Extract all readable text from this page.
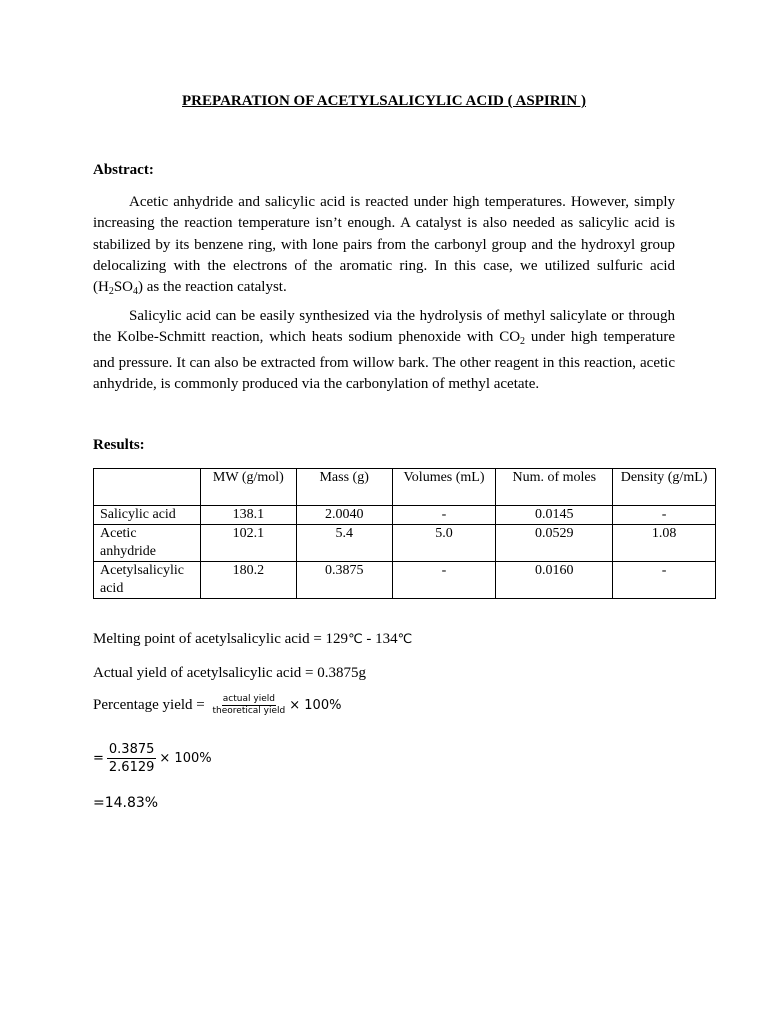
PREPARATION OF ACETYLSALICYLIC ACID ( ASPIRIN )
Abstract:

Acetic anhydride and salicylic acid is reacted under high temperatures. However, simply increasing the reaction temperature isn’t enough. A catalyst is also needed as salicylic acid is stabilized by its benzene ring, with lone pairs from the carbonyl group and the hydroxyl group delocalizing with the electrons of the aromatic ring. In this case, we utilized sulfuric acid $(H_2SO_4)$ as the reaction catalyst.

Salicylic acid can be easily synthesized via the hydrolysis of methyl salicylate or through the Kolbe-Schmitt reaction, which heats sodium phenoxide with $CO_2$ under high temperature and pressure. It can also be extracted from willow bark. The other reagent in this reaction, acetic anhydride, is commonly produced via the carbonylation of methyl acetate.

Results:
	MW (g/mol)	Mass (g)	Volumes (mL)	Num. of moles	Density (g/mL)
Salicylic acid	138.1	2.0040	-	0.0145	-
Acetic anhydride	102.1	5.4	5.0	0.0529	1.08
Acetylsalicylic acid	180.2	0.3875	-	0.0160	-
Melting point of acetylsalicylic acid = 129℃ - 134℃
Actual yield of acetylsalicylic acid = 0.3875g
Percentage yield = $\frac{\text{actual yield}}{\text{theoretical yield}} \times 100\%$
= $\frac{0.3875}{2.6129} \times 100\%$
=14.83%
